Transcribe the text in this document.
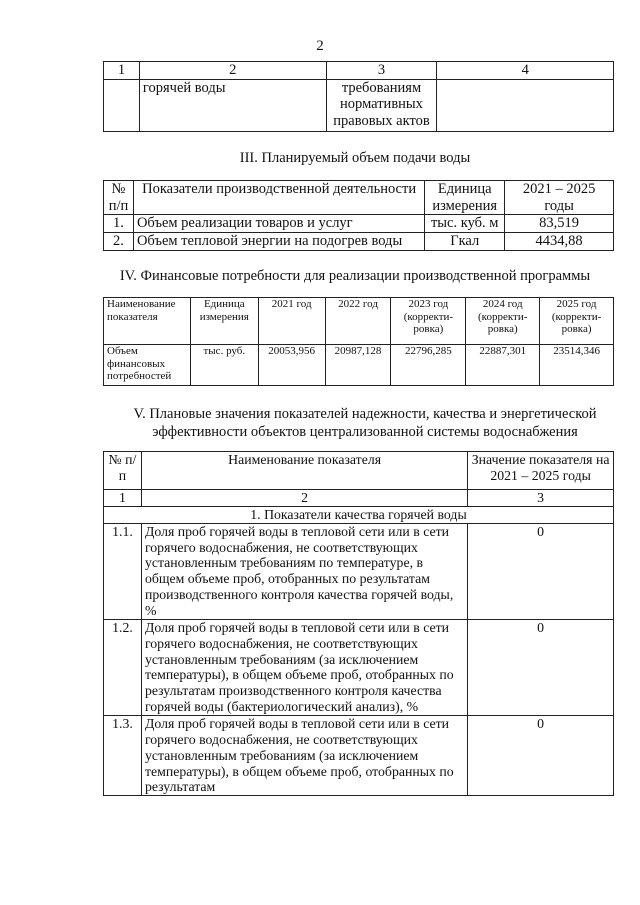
2
1	2	3	4
	горячей воды	требованиям нормативных правовых актов	
III. Планируемый объем подачи воды
№ п/п	Показатели производственной деятельности	Единица измерения	2021 – 2025 годы
1.	Объем реализации товаров и услуг	тыс. куб. м	83,519
2.	Объем тепловой энергии на подогрев воды	Гкал	4434,88
IV. Финансовые потребности для реализации производственной программы
Наименование показателя	Единица измерения	2021 год	2022 год	2023 год (корректи-ровка)	2024 год (корректи-ровка)	2025 год (корректи-ровка)
Объем финансовых потребностей	тыс. руб.	20053,956	20987,128	22796,285	22887,301	23514,346
V. Плановые значения показателей надежности, качества и энергетической эффективности объектов централизованной системы водоснабжения
№ п/п	Наименование показателя	Значение показателя на 2021 – 2025 годы
1	2	3
1. Показатели качества горячей воды		
1.1.	Доля проб горячей воды в тепловой сети или в сети горячего водоснабжения, не соответствующих установленным требованиям по температуре, в общем объеме проб, отобранных по результатам производственного контроля качества горячей воды, %	0
1.2.	Доля проб горячей воды в тепловой сети или в сети горячего водоснабжения, не соответствующих установленным требованиям (за исключением температуры), в общем объеме проб, отобранных по результатам производственного контроля качества горячей воды (бактериологический анализ), %	0
1.3.	Доля проб горячей воды в тепловой сети или в сети горячего водоснабжения, не соответствующих установленным требованиям (за исключением температуры), в общем объеме проб, отобранных по результатам	0
